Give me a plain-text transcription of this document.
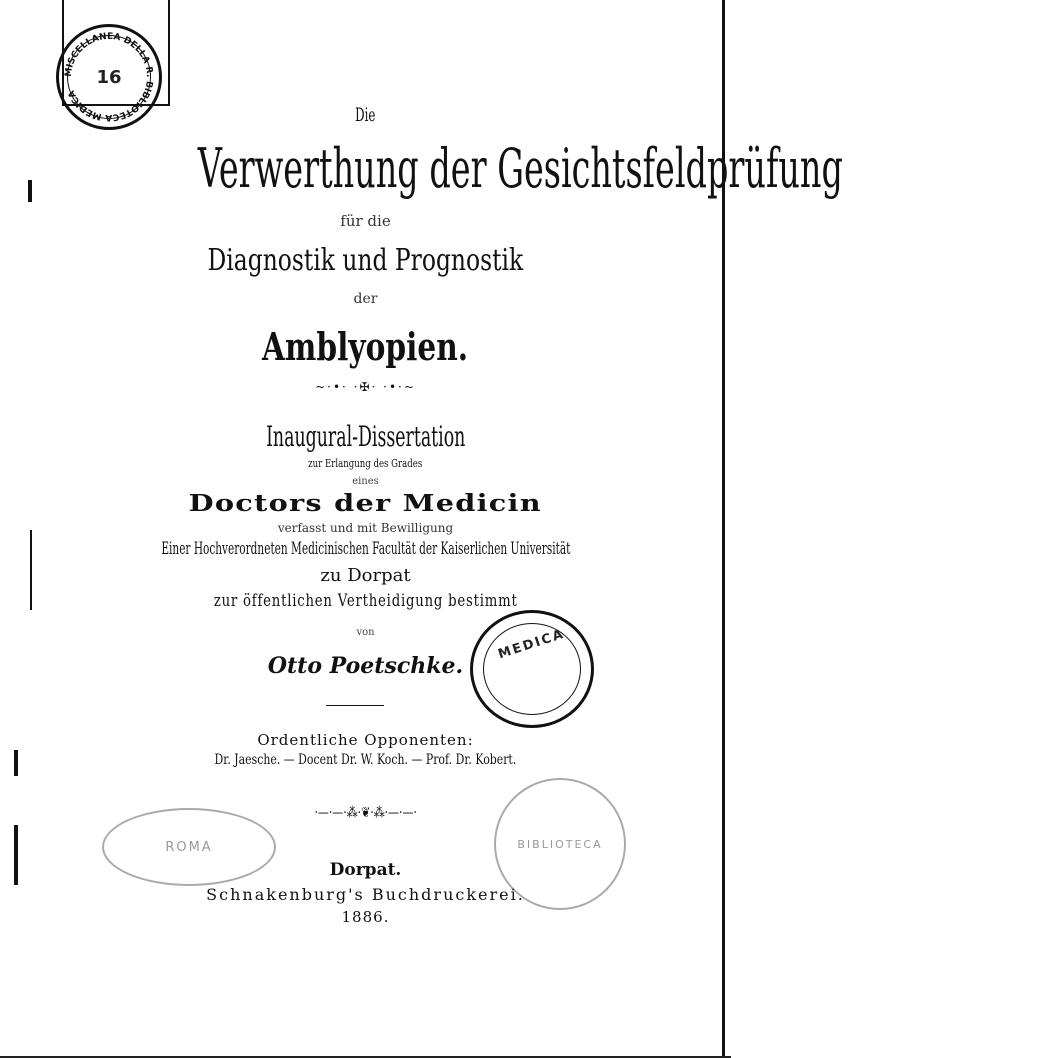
MISCELLANEA DELLA R. BIBLIOTECA MEDICA
16
Die
Verwerthung der Gesichtsfeldprüfung
für die
Diagnostik und Prognostik
der
Amblyopien.
~·•· ·✠· ·•·~
Inaugural-Dissertation
zur Erlangung des Grades
eines
Doctors der Medicin
verfasst und mit Bewilligung
Einer Hochverordneten Medicinischen Facultät der Kaiserlichen Universität
zu Dorpat
zur öffentlichen Vertheidigung bestimmt
von
Otto Poetschke.
MEDICA
Ordentliche Opponenten:
Dr. Jaesche. — Docent Dr. W. Koch. — Prof. Dr. Kobert.
·—·—·⁂·❦·⁂·—·—·
ROMA	BIBLIOTECA
Dorpat.
Schnakenburg's Buchdruckerei.
1886.
